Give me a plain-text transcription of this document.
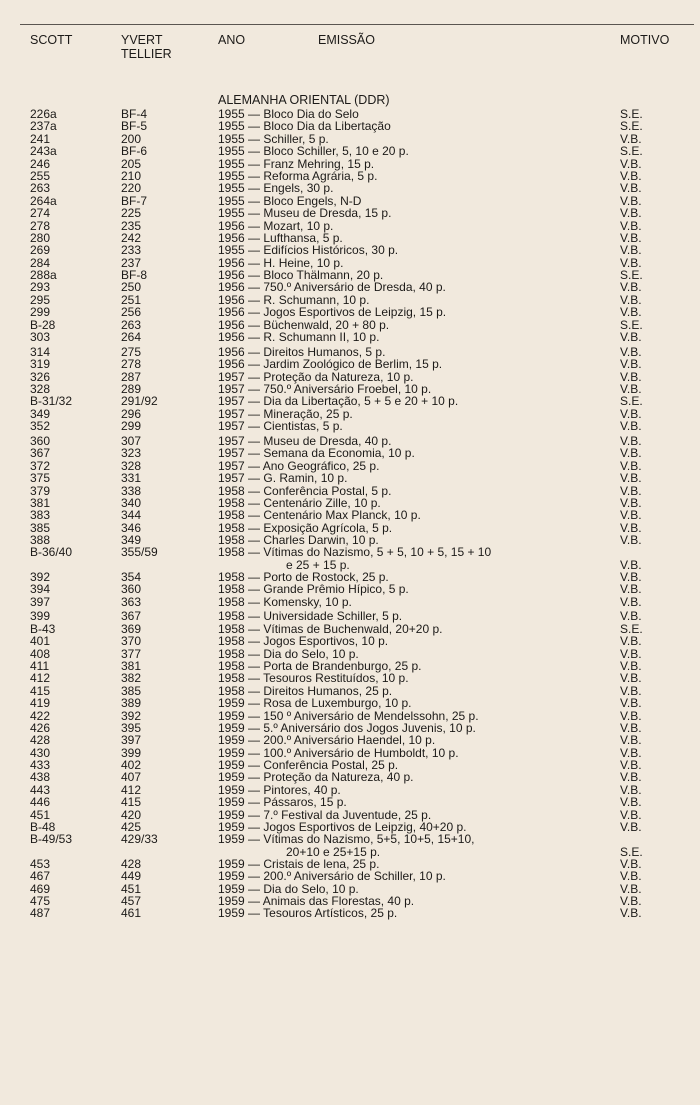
SCOTT	YVERT
TELLIER
ANO	EMISSÃO	MOTIVO
ALEMANHA ORIENTAL (DDR)
226a	BF-4	1955 — Bloco Dia do Selo	S.E.
237a	BF-5	1955 — Bloco Dia da Libertação	S.E.
241	200	1955 — Schiller, 5 p.	V.B.
243a	BF-6	1955 — Bloco Schiller, 5, 10 e 20 p.	S.E.
246	205	1955 — Franz Mehring, 15 p.	V.B.
255	210	1955 — Reforma Agrária, 5 p.	V.B.
263	220	1955 — Engels, 30 p.	V.B.
264a	BF-7	1955 — Bloco Engels, N-D	V.B.
274	225	1955 — Museu de Dresda, 15 p.	V.B.
278	235	1956 — Mozart, 10 p.	V.B.
280	242	1956 — Lufthansa, 5 p.	V.B.
269	233	1955 — Edifícios Históricos, 30 p.	V.B.
284	237	1956 — H. Heine, 10 p.	V.B.
288a	BF-8	1956 — Bloco Thälmann, 20 p.	S.E.
293	250	1956 — 750.º Aniversário de Dresda, 40 p.	V.B.
295	251	1956 — R. Schumann, 10 p.	V.B.
299	256	1956 — Jogos Esportivos de Leipzig, 15 p.	V.B.
B-28	263	1956 — Büchenwald, 20 + 80 p.	S.E.
303	264	1956 — R. Schumann II, 10 p.	V.B.
314	275	1956 — Direitos Humanos, 5 p.	V.B.
319	278	1956 — Jardim Zoológico de Berlim, 15 p.	V.B.
326	287	1957 — Proteção da Natureza, 10 p.	V.B.
328	289	1957 — 750.º Aniversário Froebel, 10 p.	V.B.
B-31/32	291/92	1957 — Dia da Libertação, 5 + 5 e 20 + 10 p.	S.E.
349	296	1957 — Mineração, 25 p.	V.B.
352	299	1957 — Cientistas, 5 p.	V.B.
360	307	1957 — Museu de Dresda, 40 p.	V.B.
367	323	1957 — Semana da Economia, 10 p.	V.B.
372	328	1957 — Ano Geográfico, 25 p.	V.B.
375	331	1957 — G. Ramin, 10 p.	V.B.
379	338	1958 — Conferência Postal, 5 p.	V.B.
381	340	1958 — Centenário Zille, 10 p.	V.B.
383	344	1958 — Centenário Max Planck, 10 p.	V.B.
385	346	1958 — Exposição Agrícola, 5 p.	V.B.
388	349	1958 — Charles Darwin, 10 p.	V.B.
B-36/40	355/59	1958 — Vítimas do Nazismo, 5 + 5, 10 + 5, 15 + 10
e 25 + 15 p.	V.B.
392	354	1958 — Porto de Rostock, 25 p.	V.B.
394	360	1958 — Grande Prêmio Hípico, 5 p.	V.B.
397	363	1958 — Komensky, 10 p.	V.B.
399	367	1958 — Universidade Schiller, 5 p.	V.B.
B-43	369	1958 — Vítimas de Buchenwald, 20+20 p.	S.E.
401	370	1958 — Jogos Esportivos, 10 p.	V.B.
408	377	1958 — Dia do Selo, 10 p.	V.B.
411	381	1958 — Porta de Brandenburgo, 25 p.	V.B.
412	382	1958 — Tesouros Restituídos, 10 p.	V.B.
415	385	1958 — Direitos Humanos, 25 p.	V.B.
419	389	1959 — Rosa de Luxemburgo, 10 p.	V.B.
422	392	1959 — 150 º Aniversário de Mendelssohn, 25 p.	V.B.
426	395	1959 — 5.º Aniversário dos Jogos Juvenis, 10 p.	V.B.
428	397	1959 — 200.º Aniversário Haendel, 10 p.	V.B.
430	399	1959 — 100.º Aniversário de Humboldt, 10 p.	V.B.
433	402	1959 — Conferência Postal, 25 p.	V.B.
438	407	1959 — Proteção da Natureza, 40 p.	V.B.
443	412	1959 — Pintores, 40 p.	V.B.
446	415	1959 — Pássaros, 15 p.	V.B.
451	420	1959 — 7.º Festival da Juventude, 25 p.	V.B.
B-48	425	1959 — Jogos Esportivos de Leipzig, 40+20 p.	V.B.
B-49/53	429/33	1959 — Vítimas do Nazismo, 5+5, 10+5, 15+10,
20+10 e 25+15 p.	S.E.
453	428	1959 — Cristais de lena, 25 p.	V.B.
467	449	1959 — 200.º Aniversário de Schiller, 10 p.	V.B.
469	451	1959 — Dia do Selo, 10 p.	V.B.
475	457	1959 — Animais das Florestas, 40 p.	V.B.
487	461	1959 — Tesouros Artísticos, 25 p.	V.B.
